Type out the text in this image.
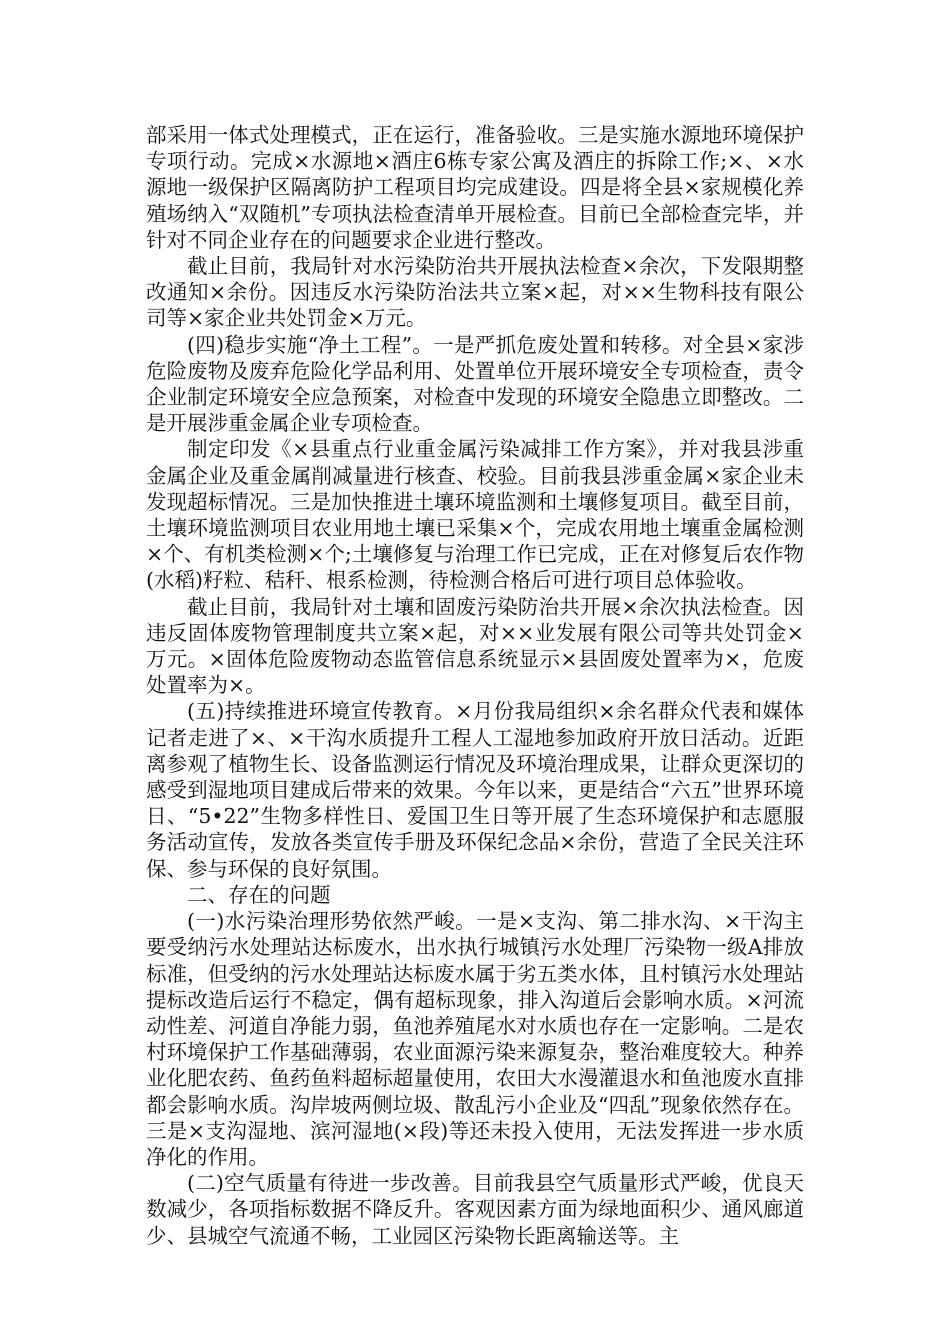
部采用一体式处理模式，正在运行，准备验收。三是实施水源地环境保护专项行动。完成×水源地×酒庄6栋专家公寓及酒庄的拆除工作;×、×水源地一级保护区隔离防护工程项目均完成建设。四是将全县×家规模化养殖场纳入“双随机”专项执法检查清单开展检查。目前已全部检查完毕，并针对不同企业存在的问题要求企业进行整改。

截止目前，我局针对水污染防治共开展执法检查×余次，下发限期整改通知×余份。因违反水污染防治法共立案×起，对××生物科技有限公司等×家企业共处罚金×万元。

(四)稳步实施“净土工程”。一是严抓危废处置和转移。对全县×家涉危险废物及废弃危险化学品利用、处置单位开展环境安全专项检查，责令企业制定环境安全应急预案，对检查中发现的环境安全隐患立即整改。二是开展涉重金属企业专项检查。

制定印发《×县重点行业重金属污染减排工作方案》，并对我县涉重金属企业及重金属削减量进行核查、校验。目前我县涉重金属×家企业未发现超标情况。三是加快推进土壤环境监测和土壤修复项目。截至目前，土壤环境监测项目农业用地土壤已采集×个，完成农用地土壤重金属检测×个、有机类检测×个;土壤修复与治理工作已完成，正在对修复后农作物(水稻)籽粒、秸秆、根系检测，待检测合格后可进行项目总体验收。

截止目前，我局针对土壤和固废污染防治共开展×余次执法检查。因违反固体废物管理制度共立案×起，对××业发展有限公司等共处罚金×万元。×固体危险废物动态监管信息系统显示×县固废处置率为×，危废处置率为×。

(五)持续推进环境宣传教育。×月份我局组织×余名群众代表和媒体记者走进了×、×干沟水质提升工程人工湿地参加政府开放日活动。近距离参观了植物生长、设备监测运行情况及环境治理成果，让群众更深切的感受到湿地项目建成后带来的效果。今年以来，更是结合“六五”世界环境日、“5•22”生物多样性日、爱国卫生日等开展了生态环境保护和志愿服务活动宣传，发放各类宣传手册及环保纪念品×余份，营造了全民关注环保、参与环保的良好氛围。

二、存在的问题

(一)水污染治理形势依然严峻。一是×支沟、第二排水沟、×干沟主要受纳污水处理站达标废水，出水执行城镇污水处理厂污染物一级A排放标准，但受纳的污水处理站达标废水属于劣五类水体，且村镇污水处理站提标改造后运行不稳定，偶有超标现象，排入沟道后会影响水质。×河流动性差、河道自净能力弱，鱼池养殖尾水对水质也存在一定影响。二是农村环境保护工作基础薄弱，农业面源污染来源复杂，整治难度较大。种养业化肥农药、鱼药鱼料超标超量使用，农田大水漫灌退水和鱼池废水直排都会影响水质。沟岸坡两侧垃圾、散乱污小企业及“四乱”现象依然存在。三是×支沟湿地、滨河湿地(×段)等还未投入使用，无法发挥进一步水质净化的作用。

(二)空气质量有待进一步改善。目前我县空气质量形式严峻，优良天数减少，各项指标数据不降反升。客观因素方面为绿地面积少、通风廊道少、县城空气流通不畅，工业园区污染物长距离输送等。主
